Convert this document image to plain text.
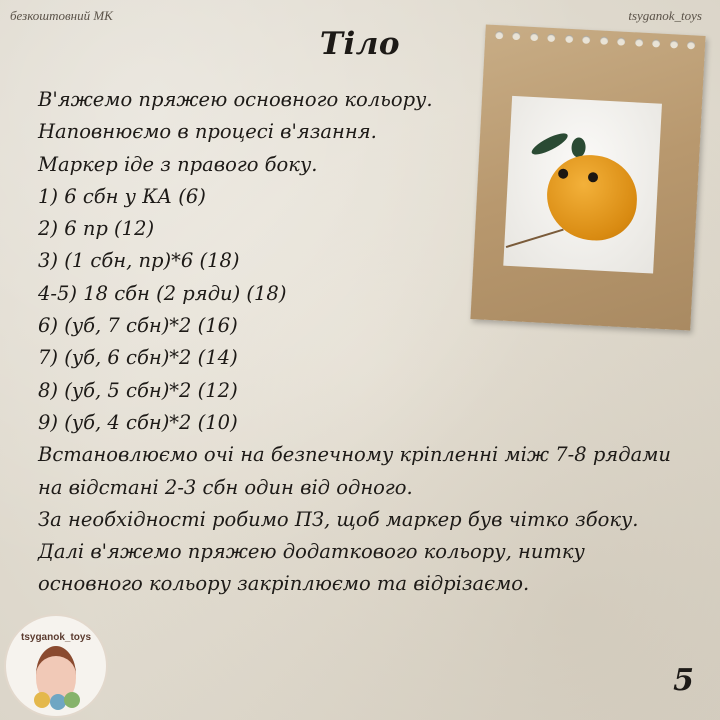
безкоштовний МК	tsyganok_toys
Тіло
В'яжемо пряжею основного кольору.
Наповнюємо в процесі в'язання.
Маркер іде з правого боку.
1) 6 сбн у КА (6)
2) 6 пр (12)
3) (1 сбн, пр)*6 (18)
4-5) 18 сбн (2 ряди) (18)
6) (уб, 7 сбн)*2 (16)
7) (уб, 6 сбн)*2 (14)
8) (уб, 5 сбн)*2 (12)
9) (уб, 4 сбн)*2 (10)
Встановлюємо очі на безпечному кріпленні між 7-8 рядами на відстані 2-3 сбн один від одного.
За необхідності робимо ПЗ, щоб маркер був чітко збоку.
Далі в'яжемо пряжею додаткового кольору, нитку основного кольору закріплюємо та відрізаємо.
tsyganok_toys
5
